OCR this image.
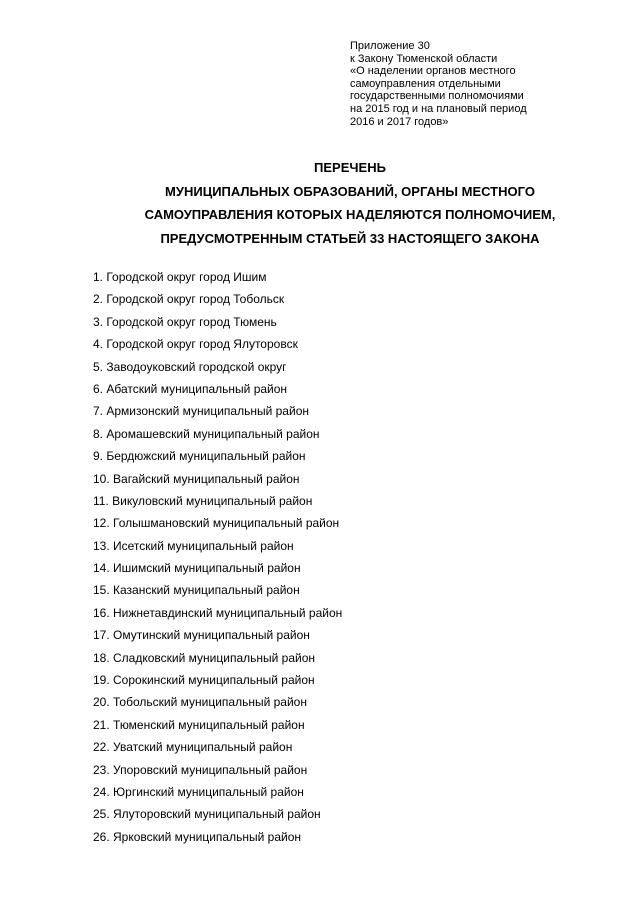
Приложение 30
к Закону Тюменской области
«О наделении органов местного
самоуправления отдельными
государственными полномочиями
на 2015 год и на плановый период
2016 и 2017 годов»
ПЕРЕЧЕНЬ
МУНИЦИПАЛЬНЫХ ОБРАЗОВАНИЙ, ОРГАНЫ МЕСТНОГО
САМОУПРАВЛЕНИЯ КОТОРЫХ НАДЕЛЯЮТСЯ ПОЛНОМОЧИЕМ,
ПРЕДУСМОТРЕННЫМ СТАТЬЕЙ 33 НАСТОЯЩЕГО ЗАКОНА
1. Городской округ город Ишим
2. Городской округ город Тобольск
3. Городской округ город Тюмень
4. Городской округ город Ялуторовск
5. Заводоуковский городской округ
6. Абатский муниципальный район
7. Армизонский муниципальный район
8. Аромашевский муниципальный район
9. Бердюжский муниципальный район
10. Вагайский муниципальный район
11. Викуловский муниципальный район
12. Голышмановский муниципальный район
13. Исетский муниципальный район
14. Ишимский муниципальный район
15. Казанский муниципальный район
16. Нижнетавдинский муниципальный район
17. Омутинский муниципальный район
18. Сладковский муниципальный район
19. Сорокинский муниципальный район
20. Тобольский муниципальный район
21. Тюменский муниципальный район
22. Уватский муниципальный район
23. Упоровский муниципальный район
24. Юргинский муниципальный район
25. Ялуторовский муниципальный район
26. Ярковский муниципальный район
